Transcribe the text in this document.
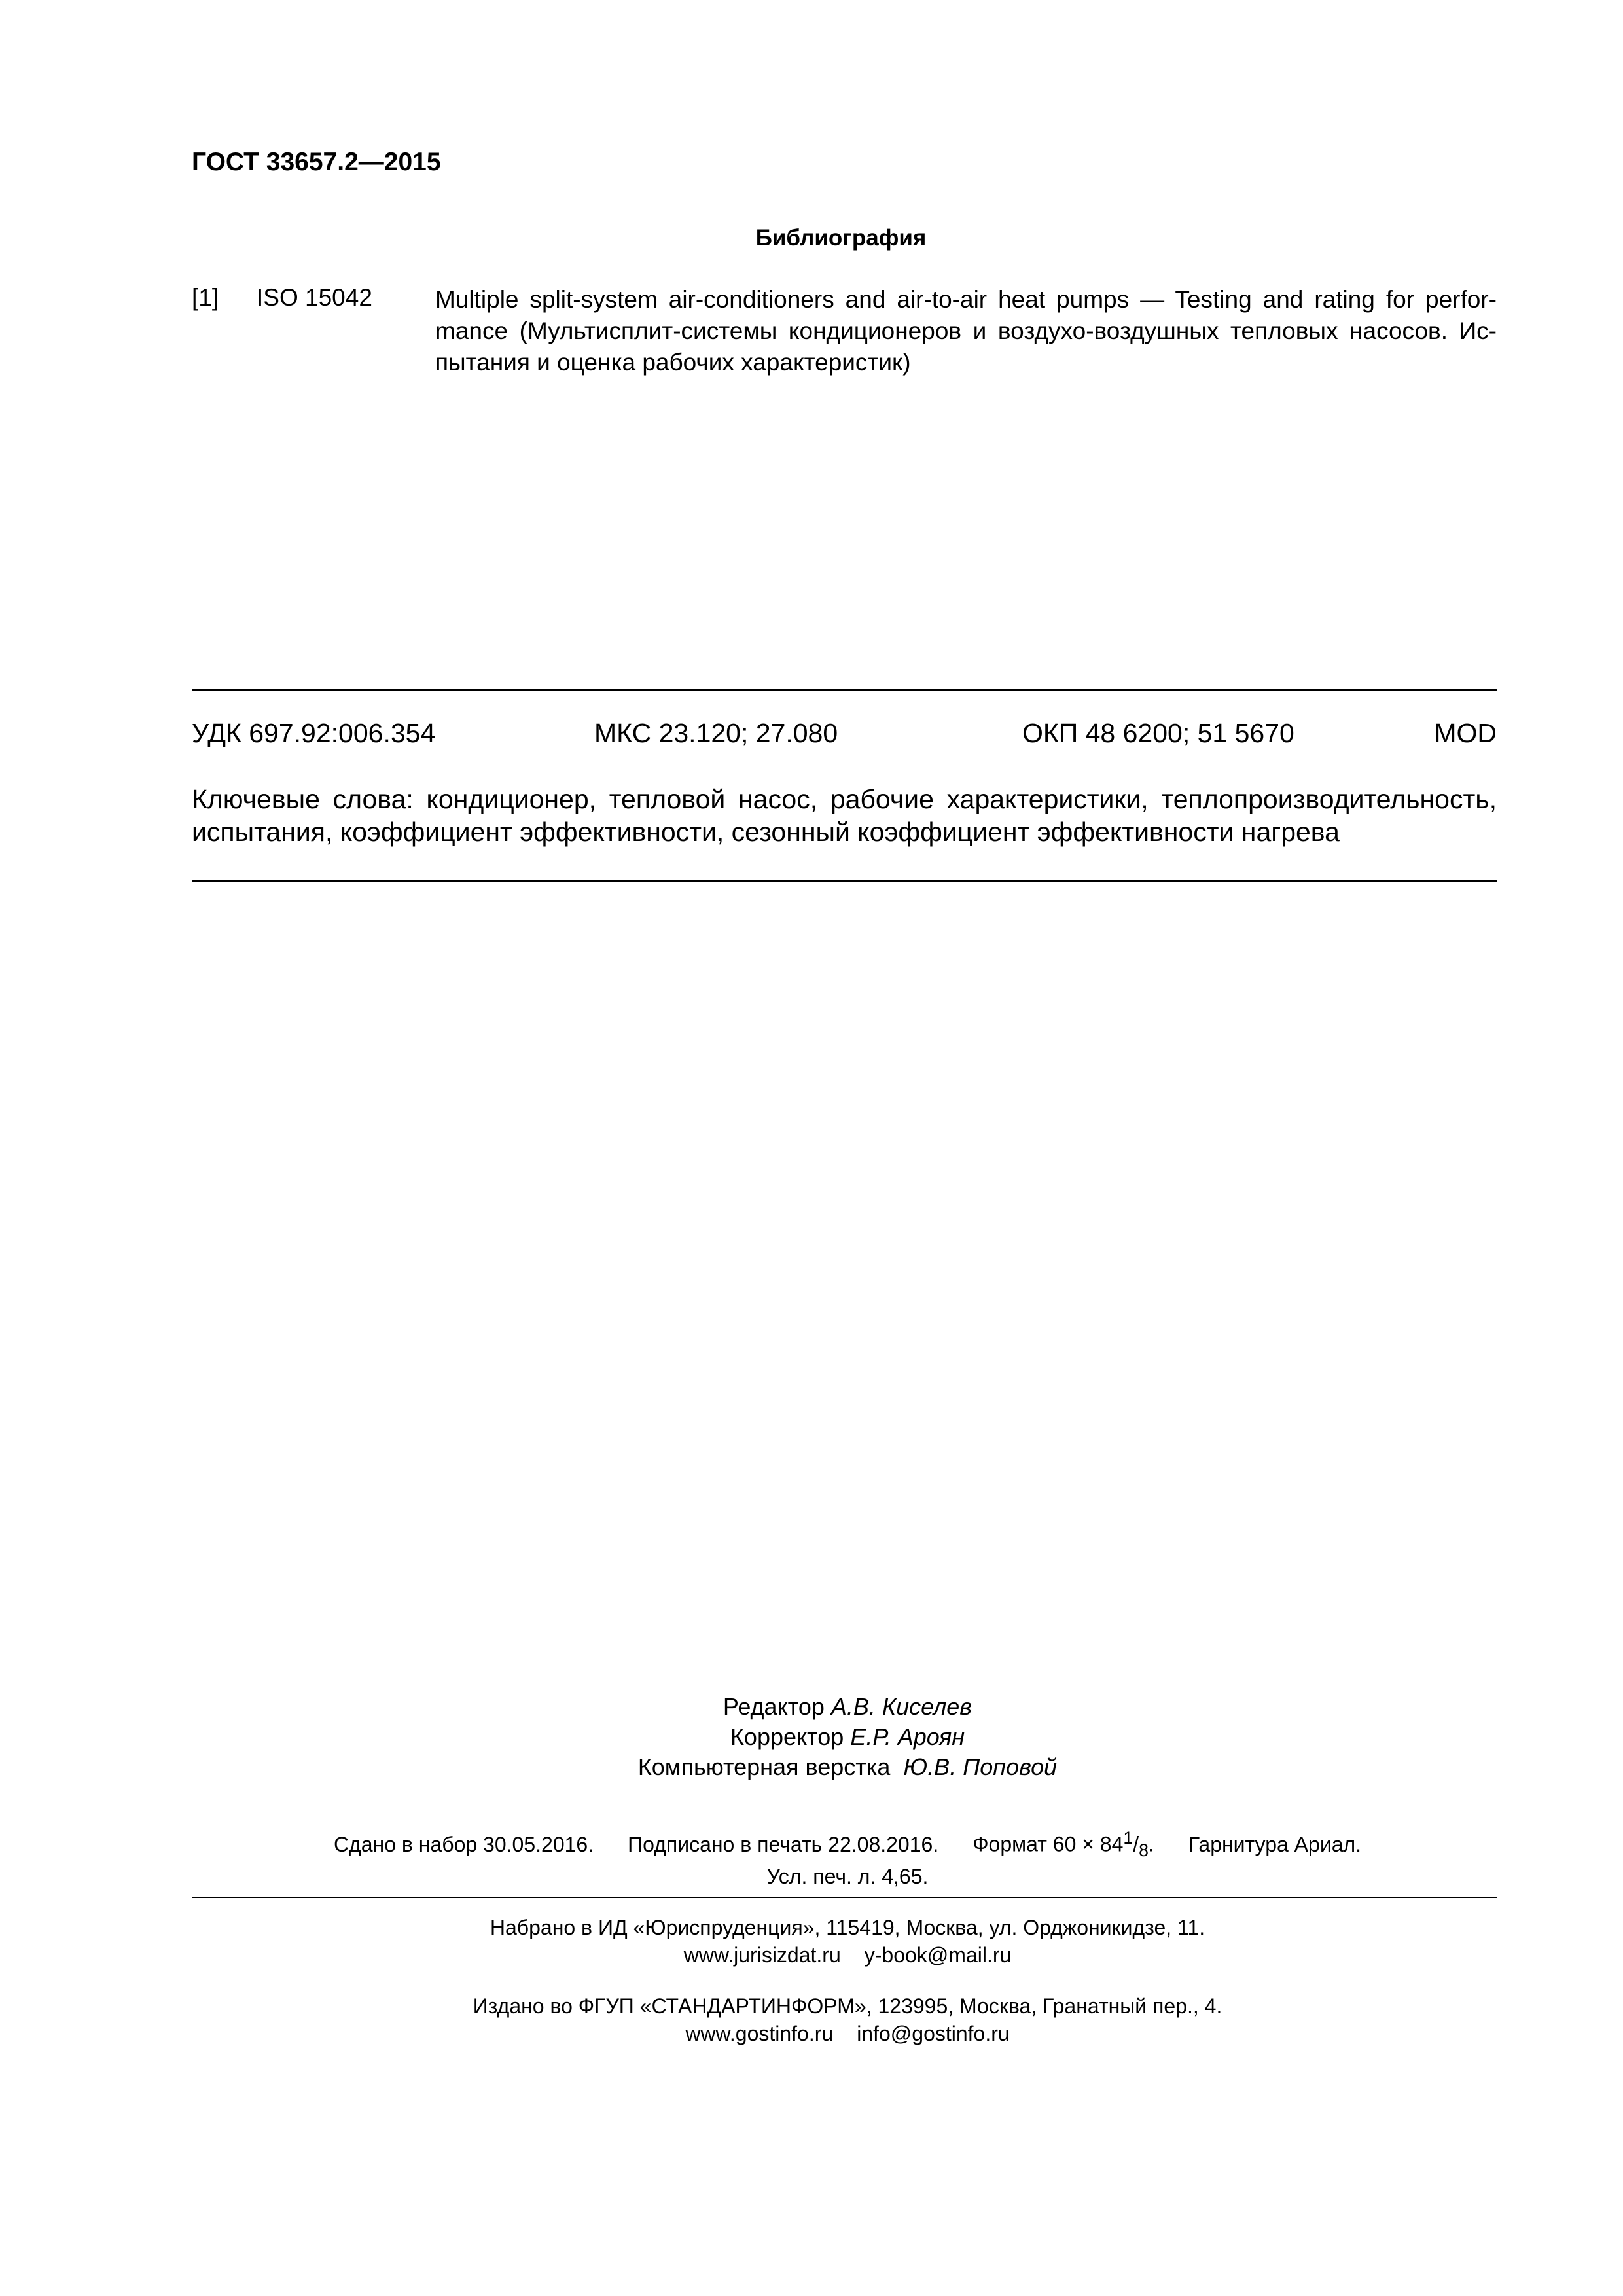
ГОСТ 33657.2—2015
Библиография
[1] ISO 15042	Multiple split-system air-conditioners and air-to-air heat pumps — Testing and rating for perfor-mance (Мультисплит-системы кондиционеров и воздухо-воздушных тепловых насосов. Ис-пытания и оценка рабочих характеристик)
УДК 697.92:006.354	МКС 23.120; 27.080	ОКП 48 6200; 51 5670	MOD
Ключевые слова: кондиционер, тепловой насос, рабочие характеристики, теплопроизводительность, испытания, коэффициент эффективности, сезонный коэффициент эффективности нагрева
Редактор А.В. Киселев
Корректор Е.Р. Ароян
Компьютерная верстка Ю.В. Поповой
Сдано в набор 30.05.2016. Подписано в печать 22.08.2016. Формат $60 \times 84^1/_8$. Гарнитура Ариал.
Усл. печ. л. 4,65.
Набрано в ИД «Юриспруденция», 115419, Москва, ул. Орджоникидзе, 11.
www.jurisizdat.ru y-book@mail.ru
Издано во ФГУП «СТАНДАРТИНФОРМ», 123995, Москва, Гранатный пер., 4.
www.gostinfo.ru info@gostinfo.ru
